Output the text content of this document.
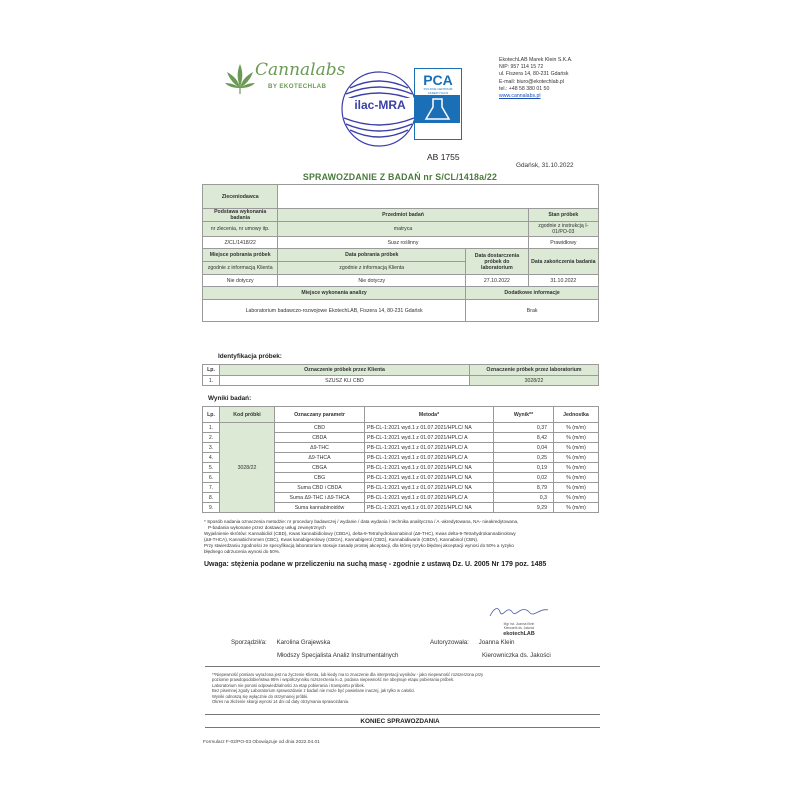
Cannalabs
BY EKOTECHLAB
ilac-MRA
AB 1755
PCA
POLSKIE CENTRUM AKREDYTACJI
BADANIA
EkotechLAB Marek Klein S.K.A.
NIP: 957 114 15 72
ul. Fiszera 14, 80-231 Gdańsk
E-mail: biuro@ekotechlab.pl
tel.: +48 58 380 01 50
www.cannalabs.pl
Gdańsk, 31.10.2022
SPRAWOZDANIE Z BADAŃ nr S/CL/1418a/22
Zleceniodawca			
Podstawa wykonania badania	Przedmiot badań		Stan próbek
nr zlecenia, nr umowy itp.	matryca		zgodnie z instrukcją I-01/PO-03
Z/CL/1418/22	Susz roślinny		Prawidłowy
Miejsce pobrania próbek	Data pobrania próbek	Data dostarczenia próbek do laboratorium	Data zakończenia badania
zgodnie z informacją Klienta	zgodnie z informacją Klienta		
Nie dotyczy	Nie dotyczy	27.10.2022	31.10.2022
Miejsce wykonania analizy		Dodatkowe informacje	
Laboratorium badawczo-rozwojowe EkotechLAB, Fiszera 14, 80-231 Gdańsk		Brak	
Identyfikacja próbek:
Lp.	Oznaczenie próbek przez Klienta	Oznaczenie próbek przez laboratorium
1.	SZUSZ KLI CBD	3028/22
Wyniki badań:
Lp.	Kod próbki	Oznaczany parametr	Metoda*	Wynik**	Jednostka
1.	3028/22	CBD	PB-CL-1:2021 wyd.1 z 01.07.2021/HPLC/ NA	0,37	% (m/m)
2.		CBDA	PB-CL-1:2021 wyd.1 z 01.07.2021/HPLC/ A	8,42	% (m/m)
3.		Δ9-THC	PB-CL-1:2021 wyd.1 z 01.07.2021/HPLC/ A	0,04	% (m/m)
4.		Δ9-THCA	PB-CL-1:2021 wyd.1 z 01.07.2021/HPLC/ A	0,25	% (m/m)
5.		CBGA	PB-CL-1:2021 wyd.1 z 01.07.2021/HPLC/ NA	0,19	% (m/m)
6.		CBG	PB-CL-1:2021 wyd.1 z 01.07.2021/HPLC/ NA	0,02	% (m/m)
7.		Suma CBD i CBDA	PB-CL-1:2021 wyd.1 z 01.07.2021/HPLC/ NA	8,79	% (m/m)
8.		Suma Δ9-THC i Δ9-THCA	PB-CL-1:2021 wyd.1 z 01.07.2021/HPLC/ A	0,3	% (m/m)
9.		Suma kannabinoidów	PB-CL-1:2021 wyd.1 z 01.07.2021/HPLC/ NA	9,29	% (m/m)
* Sposób nadania oznaczenia metodzie: nr procedury badawczej / wydanie / data wydania / technika analityczna / A -akredytowana, NA- nieakredytowana,
P-badania wykonane przez dostawcę usług zewnętrznych
Wyjaśnienie skrótów: Kannabidiol (CBD), Kwas kannabidiolowy (CBDA), delta-9-Tetrahydrokannabinol (Δ9-THC), Kwas delta-9-Tetrahydrokannabinolowy
(Δ9-THCA), Kannabichromen (CBC), Kwas kanabigerolowy (CBGA), Kannabigerol (CBG), Kannabidiwarin (CBDV), Kannabinol (CBN).
Przy stwierdzaniu zgodności ze specyfikacją laboratorium stosuje zasadę prostej akceptacji, dla której ryzyko błędnej akceptacji wynosi do 50% a ryzyko
błędnego odrzucenia wynosi do 50%.
Uwaga: stężenia podane w przeliczeniu na suchą masę - zgodnie z ustawą Dz. U. 2005 Nr 179 poz. 1485
Mgr inż. Joanna Klein
Kierownik ds. Jakości
ekotechLAB
Sporządził/a: Karolina Grajewska
Młodszy Specjalista Analiz Instrumentalnych
Autoryzowała: Joanna Klein
Kierowniczka ds. Jakości
**Niepewność pomiaru wyrażona jest na życzenie Klienta, lub kiedy ma to znaczenie dla interpretacji wyników - jako niepewność rozszerzona przy
poziomie prawdopodobieństwa 95% i współczynniku rozszerzenia k=2, podana niepewność nie obejmuje etapu pobierania próbek.
Laboratorium nie ponosi odpowiedzialności za etap pobierania i transportu próbek.
Bez pisemnej zgody Laboratorium sprawozdanie z badań nie może być powielane inaczej, jak tylko w całości.
Wyniki odnoszą się wyłącznie do otrzymanej próbki.
Okres na złożenie skargi wynosi 14 dni od daty otrzymania sprawozdania.
KONIEC SPRAWOZDANIA
Formularz F-02/PO-03 Obowiązuje od dnia 2022.04.01
